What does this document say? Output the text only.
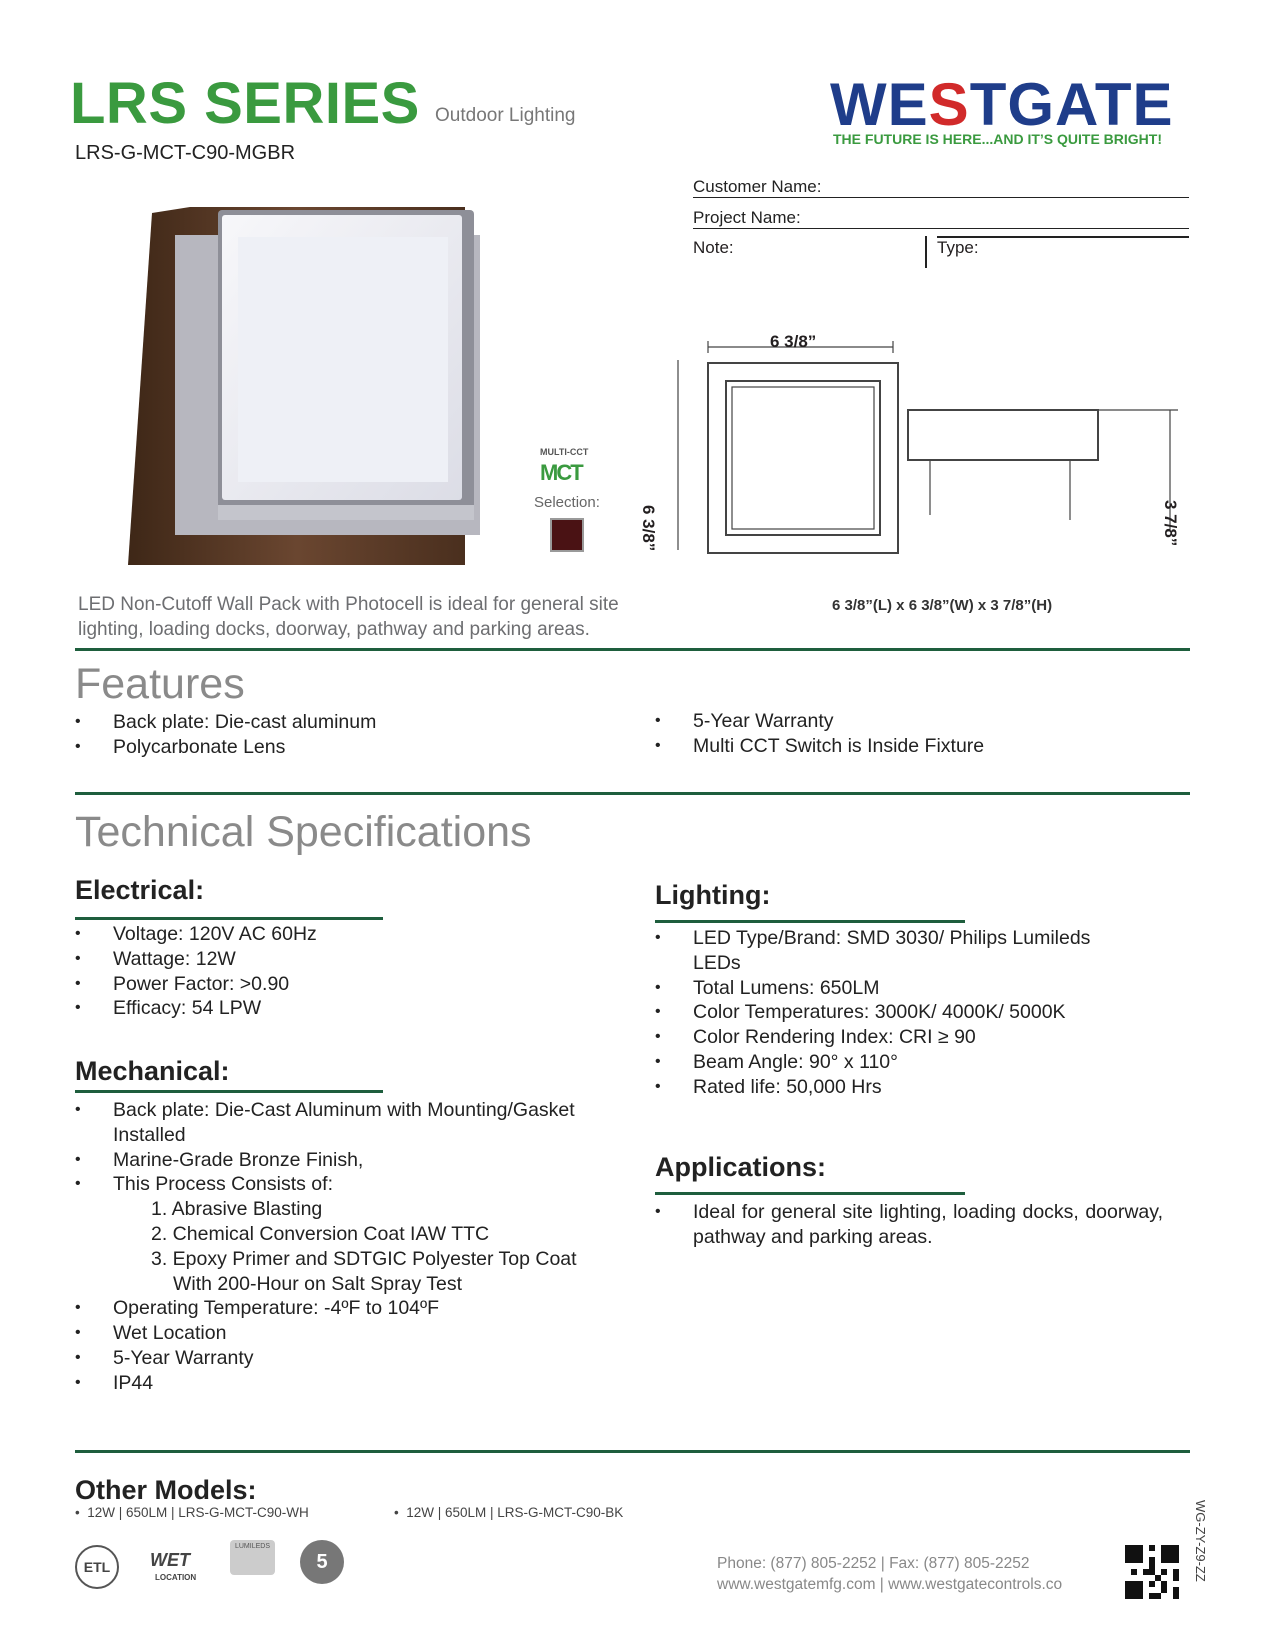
LRS SERIES Outdoor Lighting
LRS-G-MCT-C90-MGBR
WESTGATE
THE FUTURE IS HERE...AND IT’S QUITE BRIGHT!
Customer Name:
Project Name:
Note:	Type:
MULTI-CCT
MCT
Selection:
6 3/8”
6 3/8”	3 7/8”
LED Non-Cutoff Wall Pack with Photocell is ideal for general site lighting, loading docks, doorway, pathway and parking areas.
6 3/8”(L) x 6 3/8”(W) x 3 7/8”(H)
Features
• Back plate: Die-cast aluminum
• Polycarbonate Lens
• 5-Year Warranty
• Multi CCT Switch is Inside Fixture
Technical Specifications
Electrical:
• Voltage: 120V AC 60Hz
• Wattage: 12W
• Power Factor: >0.90
• Efficacy: 54 LPW
Mechanical:
• Back plate: Die-Cast Aluminum with Mounting/Gasket Installed
• Marine-Grade Bronze Finish,
• This Process Consists of:
1. Abrasive Blasting
2. Chemical Conversion Coat IAW TTC
3. Epoxy Primer and SDTGIC Polyester Top Coat
With 200-Hour on Salt Spray Test
• Operating Temperature: -4ºF to 104ºF
• Wet Location
• 5-Year Warranty
• IP44
Lighting:
• LED Type/Brand: SMD 3030/ Philips Lumileds LEDs
• Total Lumens: 650LM
• Color Temperatures: 3000K/ 4000K/ 5000K
• Color Rendering Index: CRI ≥ 90
• Beam Angle: 90° x 110°
• Rated life: 50,000 Hrs
Applications:
• Ideal for general site lighting, loading docks, doorway, pathway and parking areas.
Other Models:
•  12W | 650LM | LRS-G-MCT-C90-WH	•  12W | 650LM | LRS-G-MCT-C90-BK
ETL	WET
LOCATION
LUMILEDS
5	Phone: (877) 805-2252 | Fax: (877) 805-2252
www.westgatemfg.com | www.westgatecontrols.co
WG-ZY-Z9-ZZ
